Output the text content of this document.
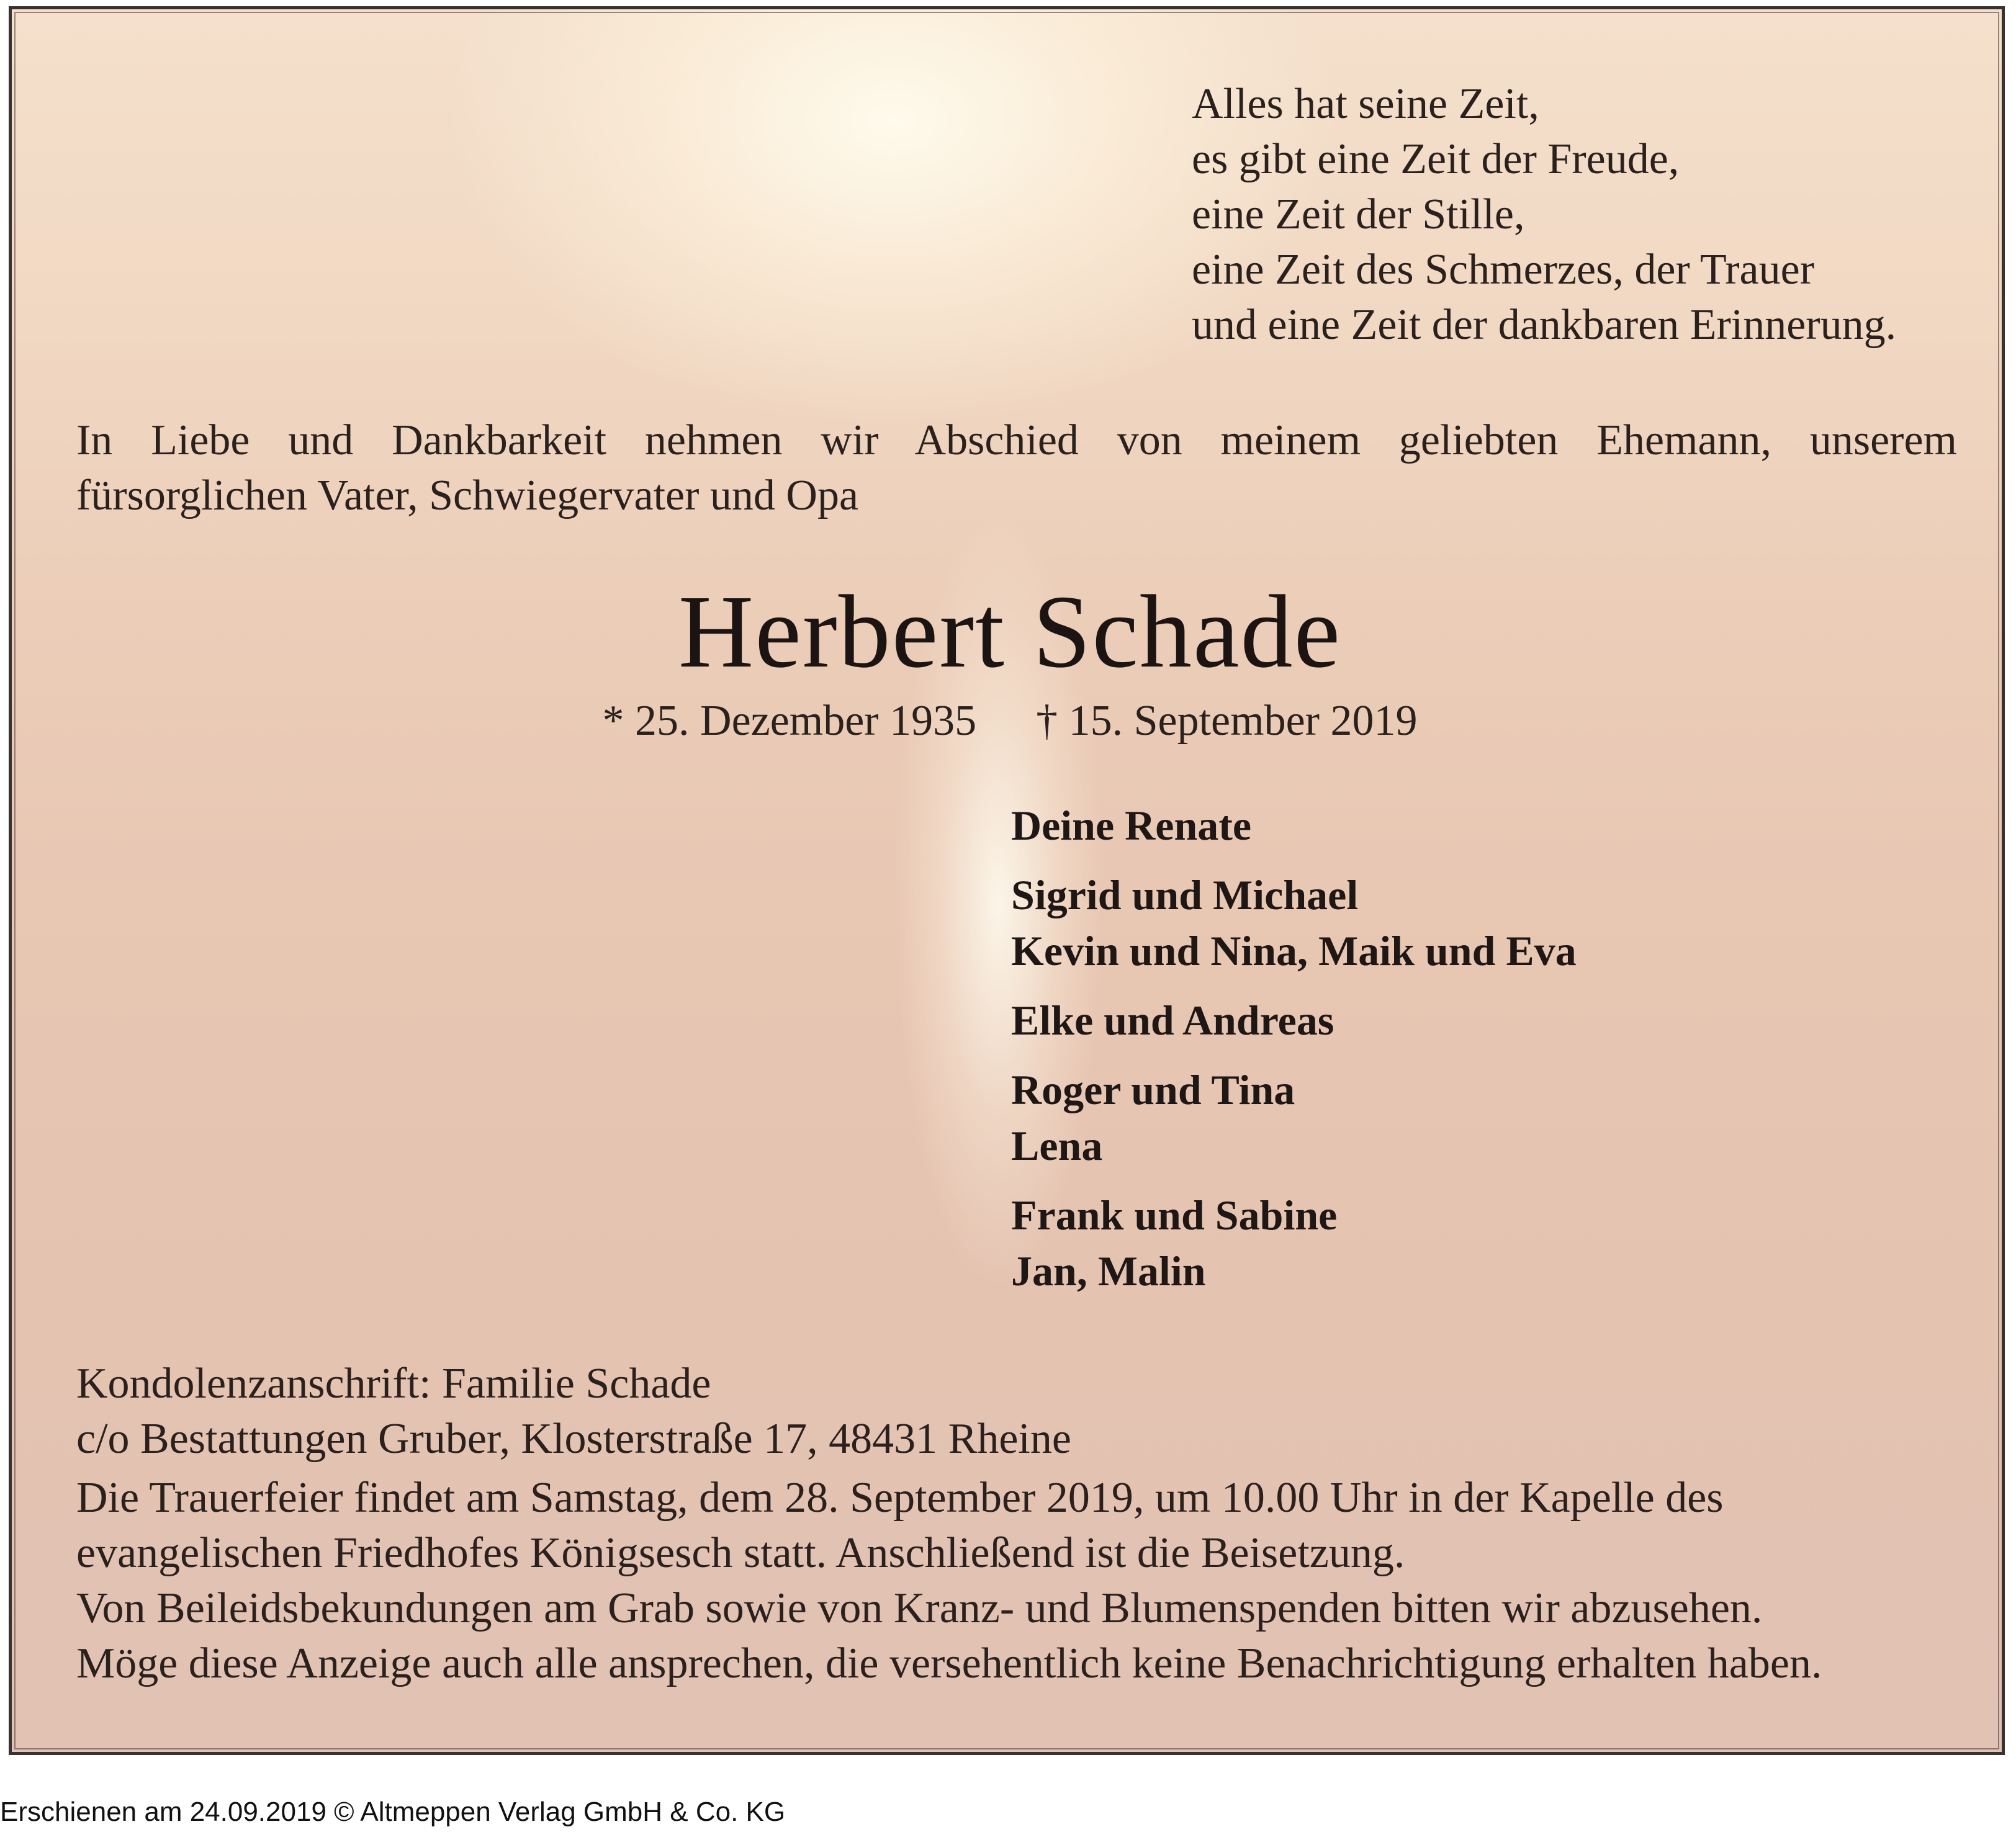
Alles hat seine Zeit,
es gibt eine Zeit der Freude,
eine Zeit der Stille,
eine Zeit des Schmerzes, der Trauer
und eine Zeit der dankbaren Erinnerung.
In Liebe und Dankbarkeit nehmen wir Abschied von meinem geliebten Ehemann, unserem
fürsorglichen Vater, Schwiegervater und Opa
Herbert Schade
* 25. Dezember 1935 † 15. September 2019
Deine Renate
Sigrid und Michael
Kevin und Nina, Maik und Eva
Elke und Andreas
Roger und Tina
Lena
Frank und Sabine
Jan, Malin
Kondolenzanschrift: Familie Schade
c/o Bestattungen Gruber, Klosterstraße 17, 48431 Rheine
Die Trauerfeier findet am Samstag, dem 28. September 2019, um 10.00 Uhr in der Kapelle des
evangelischen Friedhofes Königsesch statt. Anschließend ist die Beisetzung.
Von Beileidsbekundungen am Grab sowie von Kranz- und Blumenspenden bitten wir abzusehen.
Möge diese Anzeige auch alle ansprechen, die versehentlich keine Benachrichtigung erhalten haben.
Erschienen am 24.09.2019 © Altmeppen Verlag GmbH & Co. KG
